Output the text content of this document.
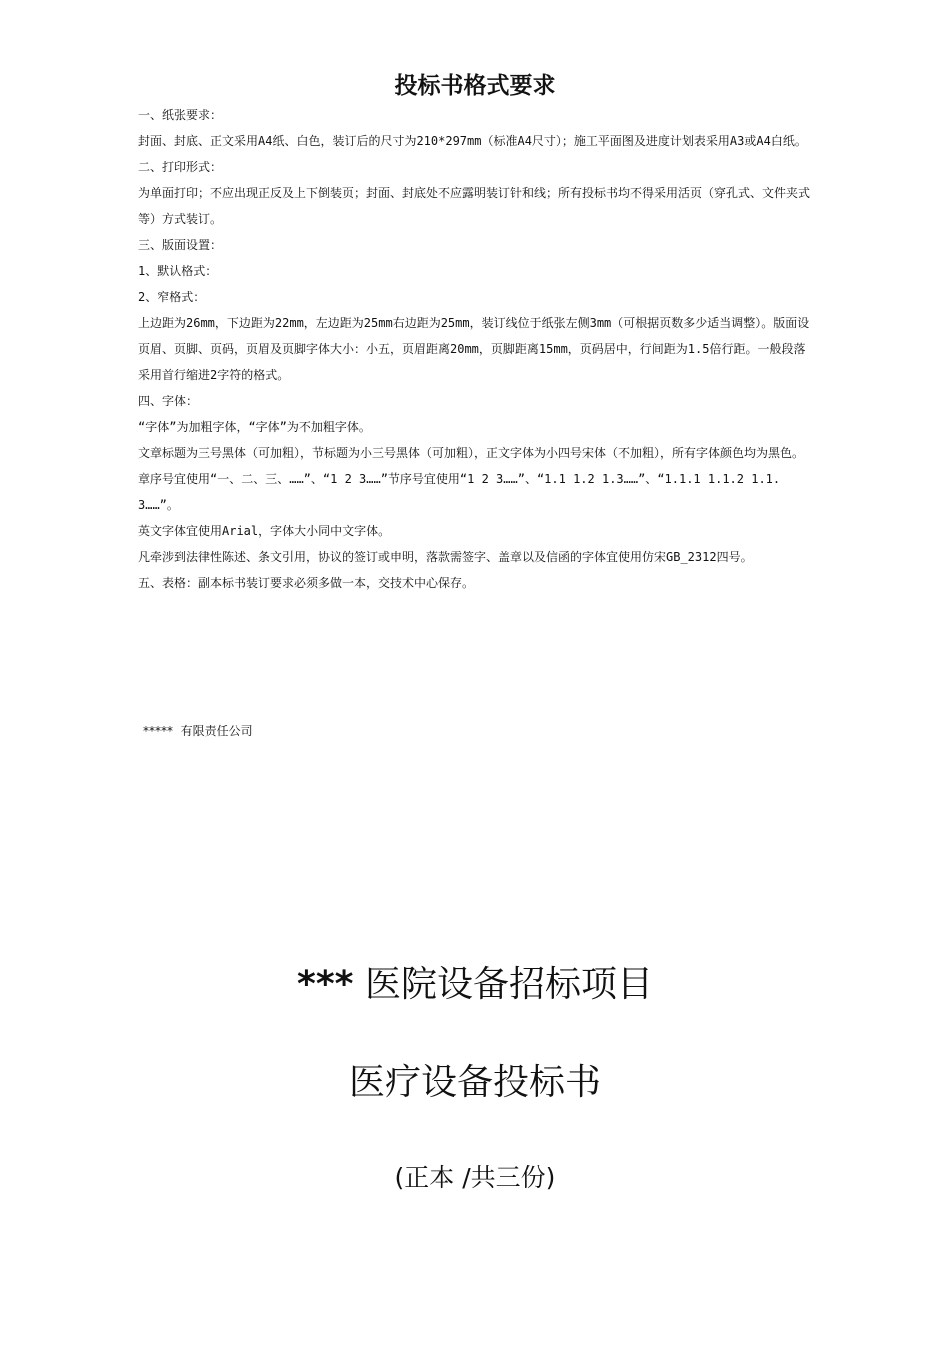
投标书格式要求

一、纸张要求：

封面、封底、正文采用A4纸、白色，装订后的尺寸为210*297mm（标准A4尺寸）；施工平面图及进度计划表采用A3或A4白纸。

二、打印形式：

为单面打印；不应出现正反及上下倒装页；封面、封底处不应露明装订针和线；所有投标书均不得采用活页（穿孔式、文件夹式等）方式装订。

三、版面设置：

1、默认格式：

2、窄格式：

上边距为26mm，下边距为22mm，左边距为25mm右边距为25mm，装订线位于纸张左侧3mm（可根据页数多少适当调整）。版面设页眉、页脚、页码，页眉及页脚字体大小：小五，页眉距离20mm，页脚距离15mm，页码居中，行间距为1.5倍行距。一般段落采用首行缩进2字符的格式。

四、字体：

“字体”为加粗字体，“字体”为不加粗字体。

文章标题为三号黑体（可加粗），节标题为小三号黑体（可加粗），正文字体为小四号宋体（不加粗），所有字体颜色均为黑色。章序号宜使用“一、二、三、……”、“1 2 3……”节序号宜使用“1 2 3……”、“1.1 1.2 1.3……”、“1.1.1 1.1.2 1.1.3……”。

英文字体宜使用Arial，字体大小同中文字体。

凡牵涉到法律性陈述、条文引用，协议的签订或申明，落款需签字、盖章以及信函的字体宜使用仿宋GB_2312四号。

五、表格：副本标书装订要求必须多做一本，交技术中心保存。

*****  有限责任公司
*** 医院设备招标项目
医疗设备投标书
(正本 /共三份)
